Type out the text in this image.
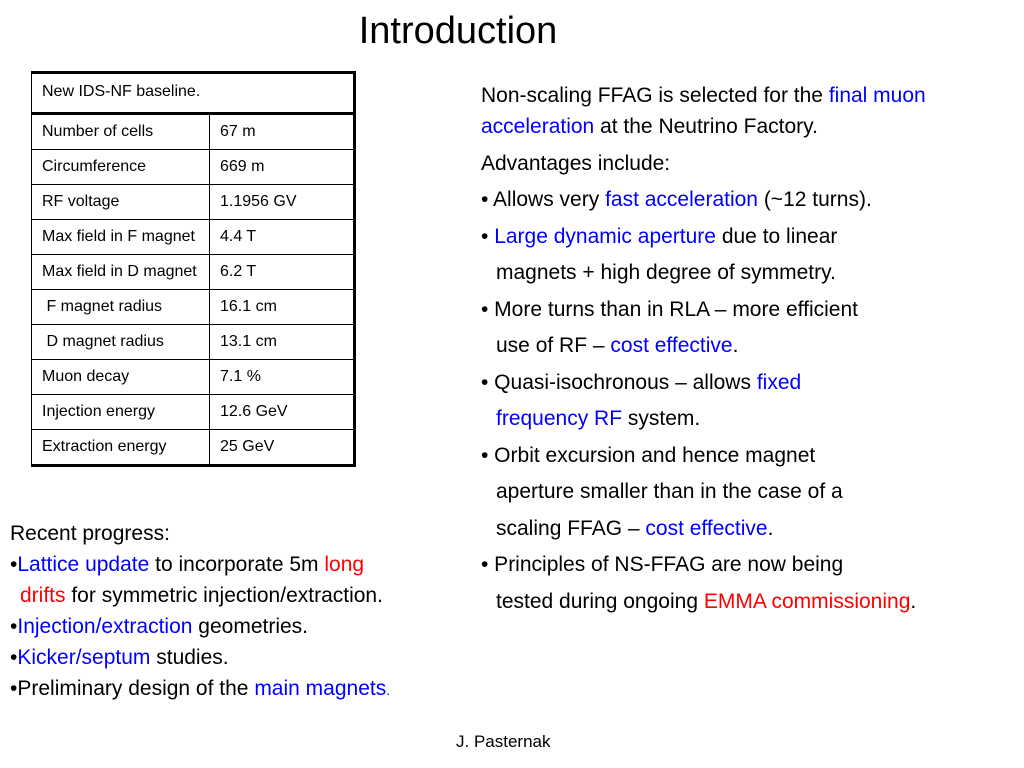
Introduction
New IDS-NF baseline.	
Number of cells	67 m
Circumference	669 m
RF voltage	1.1956 GV
Max field in F magnet	4.4 T
Max field in D magnet	6.2 T
F magnet radius	16.1 cm
D magnet radius	13.1 cm
Muon decay	7.1 %
Injection energy	12.6 GeV
Extraction energy	25 GeV

Non-scaling FFAG is selected for the final muon acceleration at the Neutrino Factory.

Advantages include:

• Allows very fast acceleration (~12 turns).

• Large dynamic aperture due to linear

magnets + high degree of symmetry.

• More turns than in RLA – more efficient

use of RF – cost effective.

• Quasi-isochronous – allows fixed

frequency RF system.

• Orbit excursion and hence magnet

aperture smaller than in the case of a

scaling FFAG – cost effective.

• Principles of NS-FFAG are now being

tested during ongoing EMMA commissioning.

Recent progress:

•Lattice update to incorporate 5m long

drifts for symmetric injection/extraction.

•Injection/extraction geometries.

•Kicker/septum studies.

•Preliminary design of the main magnets.

J. Pasternak
